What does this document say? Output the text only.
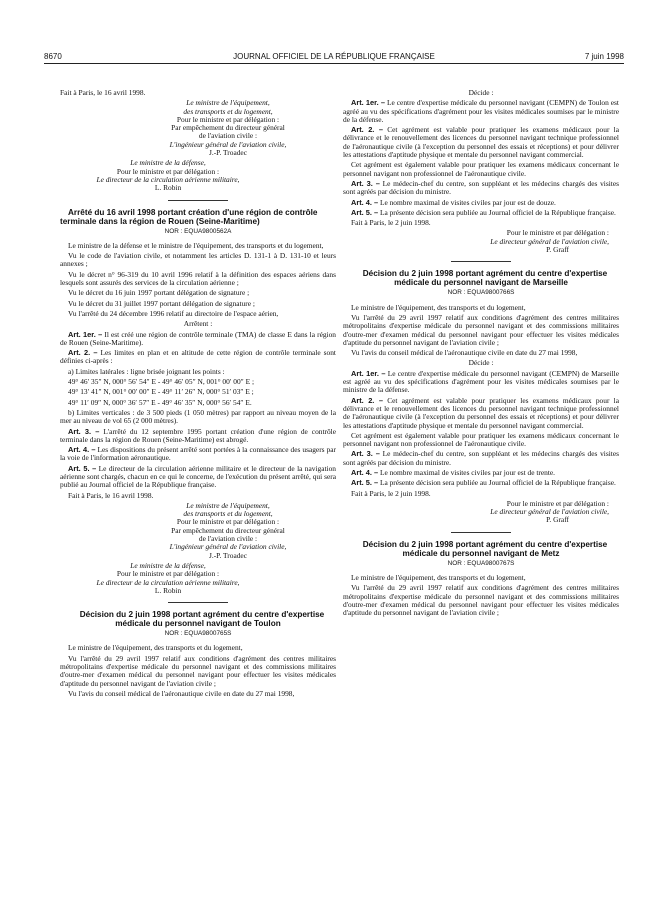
8670	JOURNAL OFFICIEL DE LA RÉPUBLIQUE FRANÇAISE	7 juin 1998

Fait à Paris, le 16 avril 1998.

Le ministre de l'équipement,
des transports et du logement,
Pour le ministre et par délégation :
Par empêchement du directeur général
de l'aviation civile :
L'ingénieur général de l'aviation civile,
J.-P. Troadec
Le ministre de la défense,
Pour le ministre et par délégation :
Le directeur de la circulation aérienne militaire,
L. Robin

Arrêté du 16 avril 1998 portant création d'une région de contrôle terminale dans la région de Rouen (Seine-Maritime)

NOR : EQUA9800562A

Le ministre de la défense et le ministre de l'équipement, des transports et du logement,

Vu le code de l'aviation civile, et notamment les articles D. 131-1 à D. 131-10 et leurs annexes ;

Vu le décret n° 96-319 du 10 avril 1996 relatif à la définition des espaces aériens dans lesquels sont assurés des services de la circulation aérienne ;

Vu le décret du 16 juin 1997 portant délégation de signature ;

Vu le décret du 31 juillet 1997 portant délégation de signature ;

Vu l'arrêté du 24 décembre 1996 relatif au directoire de l'espace aérien,

Arrêtent :

Art. 1er. – Il est créé une région de contrôle terminale (TMA) de classe E dans la région de Rouen (Seine-Maritime).

Art. 2. – Les limites en plan et en altitude de cette région de contrôle terminale sont définies ci-après :

a) Limites latérales : ligne brisée joignant les points :

49° 46′ 35″ N, 000° 56′ 54″ E - 49° 46′ 05″ N, 001° 00′ 00″ E ;

49° 13′ 41″ N, 001° 00′ 00″ E - 49° 11′ 26″ N, 000° 51′ 03″ E ;

49° 11′ 09″ N, 000° 36′ 57″ E - 49° 46′ 35″ N, 000° 56′ 54″ E.

b) Limites verticales : de 3 500 pieds (1 050 mètres) par rapport au niveau moyen de la mer au niveau de vol 65 (2 000 mètres).

Art. 3. – L'arrêté du 12 septembre 1995 portant création d'une région de contrôle terminale dans la région de Rouen (Seine-Maritime) est abrogé.

Art. 4. – Les dispositions du présent arrêté sont portées à la connaissance des usagers par la voie de l'information aéronautique.

Art. 5. – Le directeur de la circulation aérienne militaire et le directeur de la navigation aérienne sont chargés, chacun en ce qui le concerne, de l'exécution du présent arrêté, qui sera publié au Journal officiel de la République française.

Fait à Paris, le 16 avril 1998.

Le ministre de l'équipement,
des transports et du logement,
Pour le ministre et par délégation :
Par empêchement du directeur général
de l'aviation civile :
L'ingénieur général de l'aviation civile,
J.-P. Troadec
Le ministre de la défense,
Pour le ministre et par délégation :
Le directeur de la circulation aérienne militaire,
L. Robin

Décision du 2 juin 1998 portant agrément du centre d'expertise médicale du personnel navigant de Toulon

NOR : EQUA9800765S

Le ministre de l'équipement, des transports et du logement,

Vu l'arrêté du 29 avril 1997 relatif aux conditions d'agrément des centres militaires métropolitains d'expertise médicale du personnel navigant et des commissions militaires d'outre-mer d'examen médical du personnel navigant pour effectuer les visites médicales d'aptitude du personnel navigant de l'aviation civile ;

Vu l'avis du conseil médical de l'aéronautique civile en date du 27 mai 1998,

Décide :

Art. 1er. – Le centre d'expertise médicale du personnel navigant (CEMPN) de Toulon est agréé au vu des spécifications d'agrément pour les visites médicales soumises par le ministre de la défense.

Art. 2. – Cet agrément est valable pour pratiquer les examens médicaux pour la délivrance et le renouvellement des licences du personnel navigant technique professionnel de l'aéronautique civile (à l'exception du personnel des essais et réceptions) et pour délivrer les attestations d'aptitude physique et mentale du personnel navigant commercial.

Cet agrément est également valable pour pratiquer les examens médicaux concernant le personnel navigant non professionnel de l'aéronautique civile.

Art. 3. – Le médecin-chef du centre, son suppléant et les médecins chargés des visites sont agréés par décision du ministre.

Art. 4. – Le nombre maximal de visites civiles par jour est de douze.

Art. 5. – La présente décision sera publiée au Journal officiel de la République française.

Fait à Paris, le 2 juin 1998.

Pour le ministre et par délégation :
Le directeur général de l'aviation civile,
P. Graff

Décision du 2 juin 1998 portant agrément du centre d'expertise médicale du personnel navigant de Marseille

NOR : EQUA9800766S

Le ministre de l'équipement, des transports et du logement,

Vu l'arrêté du 29 avril 1997 relatif aux conditions d'agrément des centres militaires métropolitains d'expertise médicale du personnel navigant et des commissions militaires d'outre-mer d'examen médical du personnel navigant pour effectuer les visites médicales d'aptitude du personnel navigant de l'aviation civile ;

Vu l'avis du conseil médical de l'aéronautique civile en date du 27 mai 1998,

Décide :

Art. 1er. – Le centre d'expertise médicale du personnel navigant (CEMPN) de Marseille est agréé au vu des spécifications d'agrément pour les visites médicales soumises par le ministre de la défense.

Art. 2. – Cet agrément est valable pour pratiquer les examens médicaux pour la délivrance et le renouvellement des licences du personnel navigant technique professionnel de l'aéronautique civile (à l'exception du personnel des essais et réceptions) et pour délivrer les attestations d'aptitude physique et mentale du personnel navigant commercial.

Cet agrément est également valable pour pratiquer les examens médicaux concernant le personnel navigant non professionnel de l'aéronautique civile.

Art. 3. – Le médecin-chef du centre, son suppléant et les médecins chargés des visites sont agréés par décision du ministre.

Art. 4. – Le nombre maximal de visites civiles par jour est de trente.

Art. 5. – La présente décision sera publiée au Journal officiel de la République française.

Fait à Paris, le 2 juin 1998.

Pour le ministre et par délégation :
Le directeur général de l'aviation civile,
P. Graff

Décision du 2 juin 1998 portant agrément du centre d'expertise médicale du personnel navigant de Metz

NOR : EQUA9800767S

Le ministre de l'équipement, des transports et du logement,

Vu l'arrêté du 29 avril 1997 relatif aux conditions d'agrément des centres militaires métropolitains d'expertise médicale du personnel navigant et des commissions militaires d'outre-mer d'examen médical du personnel navigant pour effectuer les visites médicales d'aptitude du personnel navigant de l'aviation civile ;
